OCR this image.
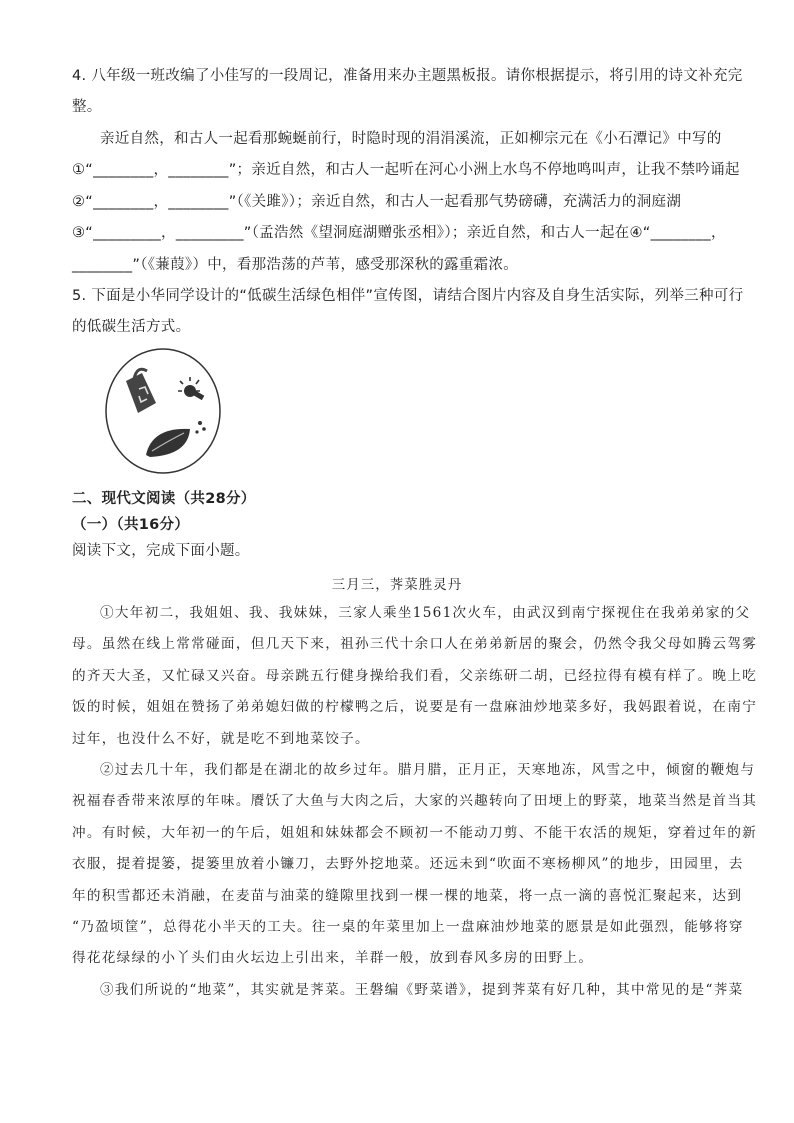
4. 八年级一班改编了小佳写的一段周记，准备用来办主题黑板报。请你根据提示，将引用的诗文补充完
整。
亲近自然，和古人一起看那蜿蜒前行，时隐时现的涓涓溪流，正如柳宗元在《小石潭记》中写的
①“________，________”；亲近自然，和古人一起听在河心小洲上水鸟不停地鸣叫声，让我不禁吟诵起
②“________，________”（《关雎》）；亲近自然，和古人一起看那气势磅礴，充满活力的洞庭湖
③“_________，_________”（孟浩然《望洞庭湖赠张丞相》）；亲近自然，和古人一起在④“________，
________”（《蒹葭》）中，看那浩荡的芦苇，感受那深秋的露重霜浓。
5. 下面是小华同学设计的“低碳生活绿色相伴”宣传图，请结合图片内容及自身生活实际，列举三种可行
的低碳生活方式。
二、现代文阅读（共28分）
（一）（共16分）
阅读下文，完成下面小题。
三月三，荠菜胜灵丹
①大年初二，我姐姐、我、我妹妹，三家人乘坐1561次火车，由武汉到南宁探视住在我弟弟家的父
母。虽然在线上常常碰面，但几天下来，祖孙三代十余口人在弟弟新居的聚会，仍然令我父母如腾云驾雾
的齐天大圣，又忙碌又兴奋。母亲跳五行健身操给我们看，父亲练研二胡，已经拉得有模有样了。晚上吃
饭的时候，姐姐在赞扬了弟弟媳妇做的柠檬鸭之后，说要是有一盘麻油炒地菜多好，我妈跟着说，在南宁
过年，也没什么不好，就是吃不到地菜饺子。
②过去几十年，我们都是在湖北的故乡过年。腊月腊，正月正，天寒地冻，风雪之中，倾窗的鞭炮与
祝福春香带来浓厚的年味。餍饫了大鱼与大肉之后，大家的兴趣转向了田埂上的野菜，地菜当然是首当其
冲。有时候，大年初一的午后，姐姐和妹妹都会不顾初一不能动刀剪、不能干农活的规矩，穿着过年的新
衣服，提着提篓，提篓里放着小镰刀，去野外挖地菜。还远未到“吹面不寒杨柳风”的地步，田园里，去
年的积雪都还未消融，在麦苗与油菜的缝隙里找到一棵一棵的地菜，将一点一滴的喜悦汇聚起来，达到
“乃盈顷筐”，总得花小半天的工夫。往一桌的年菜里加上一盘麻油炒地菜的愿景是如此强烈，能够将穿
得花花绿绿的小丫头们由火坛边上引出来，羊群一般，放到春风多房的田野上。
③我们所说的“地菜”，其实就是荠菜。王磐编《野菜谱》，提到荠菜有好几种，其中常见的是“荠菜
